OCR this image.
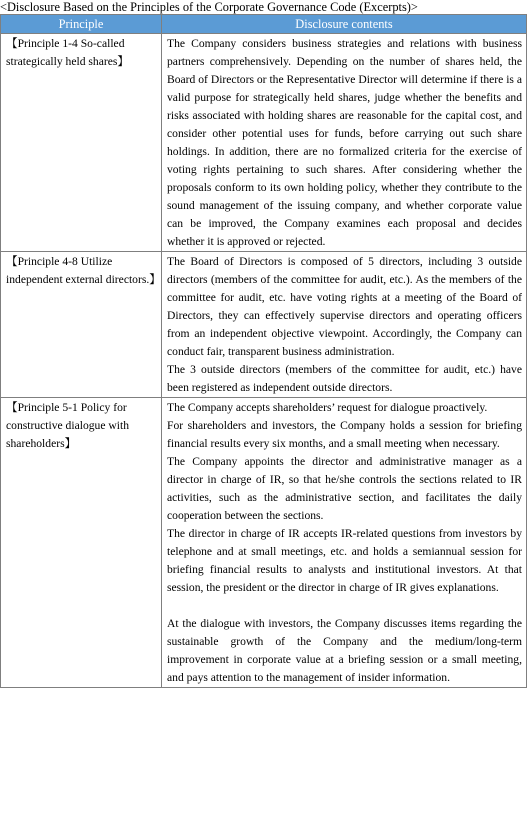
<Disclosure Based on the Principles of the Corporate Governance Code (Excerpts)>
Principle	Disclosure contents
【Principle 1-4 So-called strategically held shares】	The Company considers business strategies and relations with business partners comprehensively. Depending on the number of shares held, the Board of Directors or the Representative Director will determine if there is a valid purpose for strategically held shares, judge whether the benefits and risks associated with holding shares are reasonable for the capital cost, and consider other potential uses for funds, before carrying out such share holdings. In addition, there are no formalized criteria for the exercise of voting rights pertaining to such shares. After considering whether the proposals conform to its own holding policy, whether they contribute to the sound management of the issuing company, and whether corporate value can be improved, the Company examines each proposal and decides whether it is approved or rejected.

【Principle 4-8 Utilize independent external directors.】	The Board of Directors is composed of 5 directors, including 3 outside directors (members of the committee for audit, etc.). As the members of the committee for audit, etc. have voting rights at a meeting of the Board of Directors, they can effectively supervise directors and operating officers from an independent objective viewpoint. Accordingly, the Company can conduct fair, transparent business administration.

The 3 outside directors (members of the committee for audit, etc.) have been registered as independent outside directors.

【Principle 5-1 Policy for constructive dialogue with shareholders】	The Company accepts shareholders’ request for dialogue proactively.

For shareholders and investors, the Company holds a session for briefing financial results every six months, and a small meeting when necessary.

The Company appoints the director and administrative manager as a director in charge of IR, so that he/she controls the sections related to IR activities, such as the administrative section, and facilitates the daily cooperation between the sections.

The director in charge of IR accepts IR-related questions from investors by telephone and at small meetings, etc. and holds a semiannual session for briefing financial results to analysts and institutional investors. At that session, the president or the director in charge of IR gives explanations.

At the dialogue with investors, the Company discusses items regarding the sustainable growth of the Company and the medium/long-term improvement in corporate value at a briefing session or a small meeting, and pays attention to the management of insider information.
